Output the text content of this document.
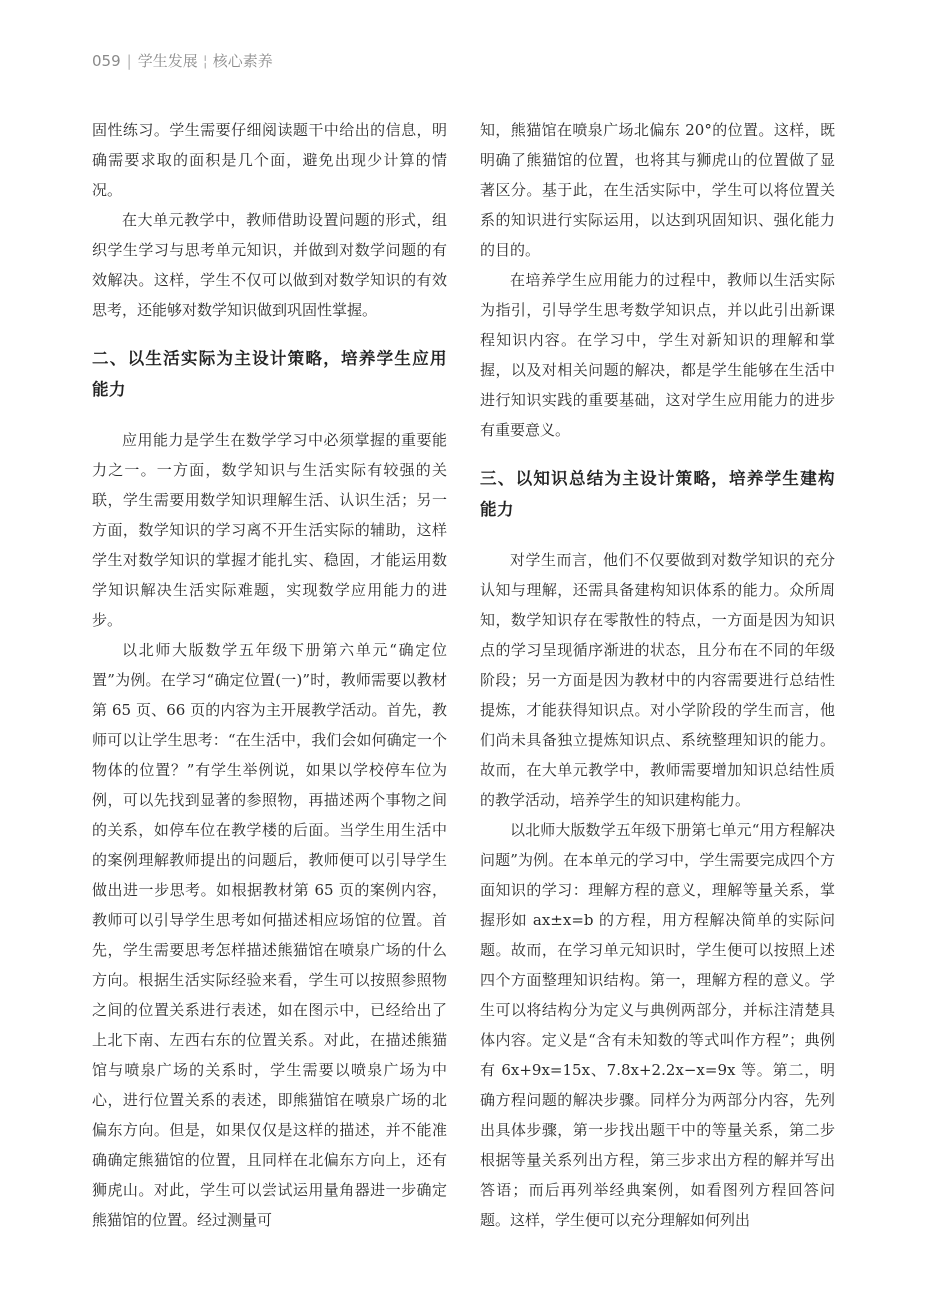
059 | 学生发展 ¦ 核心素养

固性练习。学生需要仔细阅读题干中给出的信息，明确需要求取的面积是几个面，避免出现少计算的情况。

在大单元教学中，教师借助设置问题的形式，组织学生学习与思考单元知识，并做到对数学问题的有效解决。这样，学生不仅可以做到对数学知识的有效思考，还能够对数学知识做到巩固性掌握。

二、以生活实际为主设计策略，培养学生应用能力

应用能力是学生在数学学习中必须掌握的重要能力之一。一方面，数学知识与生活实际有较强的关联，学生需要用数学知识理解生活、认识生活；另一方面，数学知识的学习离不开生活实际的辅助，这样学生对数学知识的掌握才能扎实、稳固，才能运用数学知识解决生活实际难题，实现数学应用能力的进步。

以北师大版数学五年级下册第六单元“确定位置”为例。在学习“确定位置(一)”时，教师需要以教材第 65 页、66 页的内容为主开展教学活动。首先，教师可以让学生思考：“在生活中，我们会如何确定一个物体的位置？”有学生举例说，如果以学校停车位为例，可以先找到显著的参照物，再描述两个事物之间的关系，如停车位在教学楼的后面。当学生用生活中的案例理解教师提出的问题后，教师便可以引导学生做出进一步思考。如根据教材第 65 页的案例内容，教师可以引导学生思考如何描述相应场馆的位置。首先，学生需要思考怎样描述熊猫馆在喷泉广场的什么方向。根据生活实际经验来看，学生可以按照参照物之间的位置关系进行表述，如在图示中，已经给出了上北下南、左西右东的位置关系。对此，在描述熊猫馆与喷泉广场的关系时，学生需要以喷泉广场为中心，进行位置关系的表述，即熊猫馆在喷泉广场的北偏东方向。但是，如果仅仅是这样的描述，并不能准确确定熊猫馆的位置，且同样在北偏东方向上，还有狮虎山。对此，学生可以尝试运用量角器进一步确定熊猫馆的位置。经过测量可

知，熊猫馆在喷泉广场北偏东 20°的位置。这样，既明确了熊猫馆的位置，也将其与狮虎山的位置做了显著区分。基于此，在生活实际中，学生可以将位置关系的知识进行实际运用，以达到巩固知识、强化能力的目的。

在培养学生应用能力的过程中，教师以生活实际为指引，引导学生思考数学知识点，并以此引出新课程知识内容。在学习中，学生对新知识的理解和掌握，以及对相关问题的解决，都是学生能够在生活中进行知识实践的重要基础，这对学生应用能力的进步有重要意义。

三、以知识总结为主设计策略，培养学生建构能力

对学生而言，他们不仅要做到对数学知识的充分认知与理解，还需具备建构知识体系的能力。众所周知，数学知识存在零散性的特点，一方面是因为知识点的学习呈现循序渐进的状态，且分布在不同的年级阶段；另一方面是因为教材中的内容需要进行总结性提炼，才能获得知识点。对小学阶段的学生而言，他们尚未具备独立提炼知识点、系统整理知识的能力。故而，在大单元教学中，教师需要增加知识总结性质的教学活动，培养学生的知识建构能力。

以北师大版数学五年级下册第七单元“用方程解决问题”为例。在本单元的学习中，学生需要完成四个方面知识的学习：理解方程的意义，理解等量关系，掌握形如 ax±x=b 的方程，用方程解决简单的实际问题。故而，在学习单元知识时，学生便可以按照上述四个方面整理知识结构。第一，理解方程的意义。学生可以将结构分为定义与典例两部分，并标注清楚具体内容。定义是“含有未知数的等式叫作方程”；典例有 6x+9x=15x、7.8x+2.2x−x=9x 等。第二，明确方程问题的解决步骤。同样分为两部分内容，先列出具体步骤，第一步找出题干中的等量关系，第二步根据等量关系列出方程，第三步求出方程的解并写出答语；而后再列举经典案例，如看图列方程回答问题。这样，学生便可以充分理解如何列出
